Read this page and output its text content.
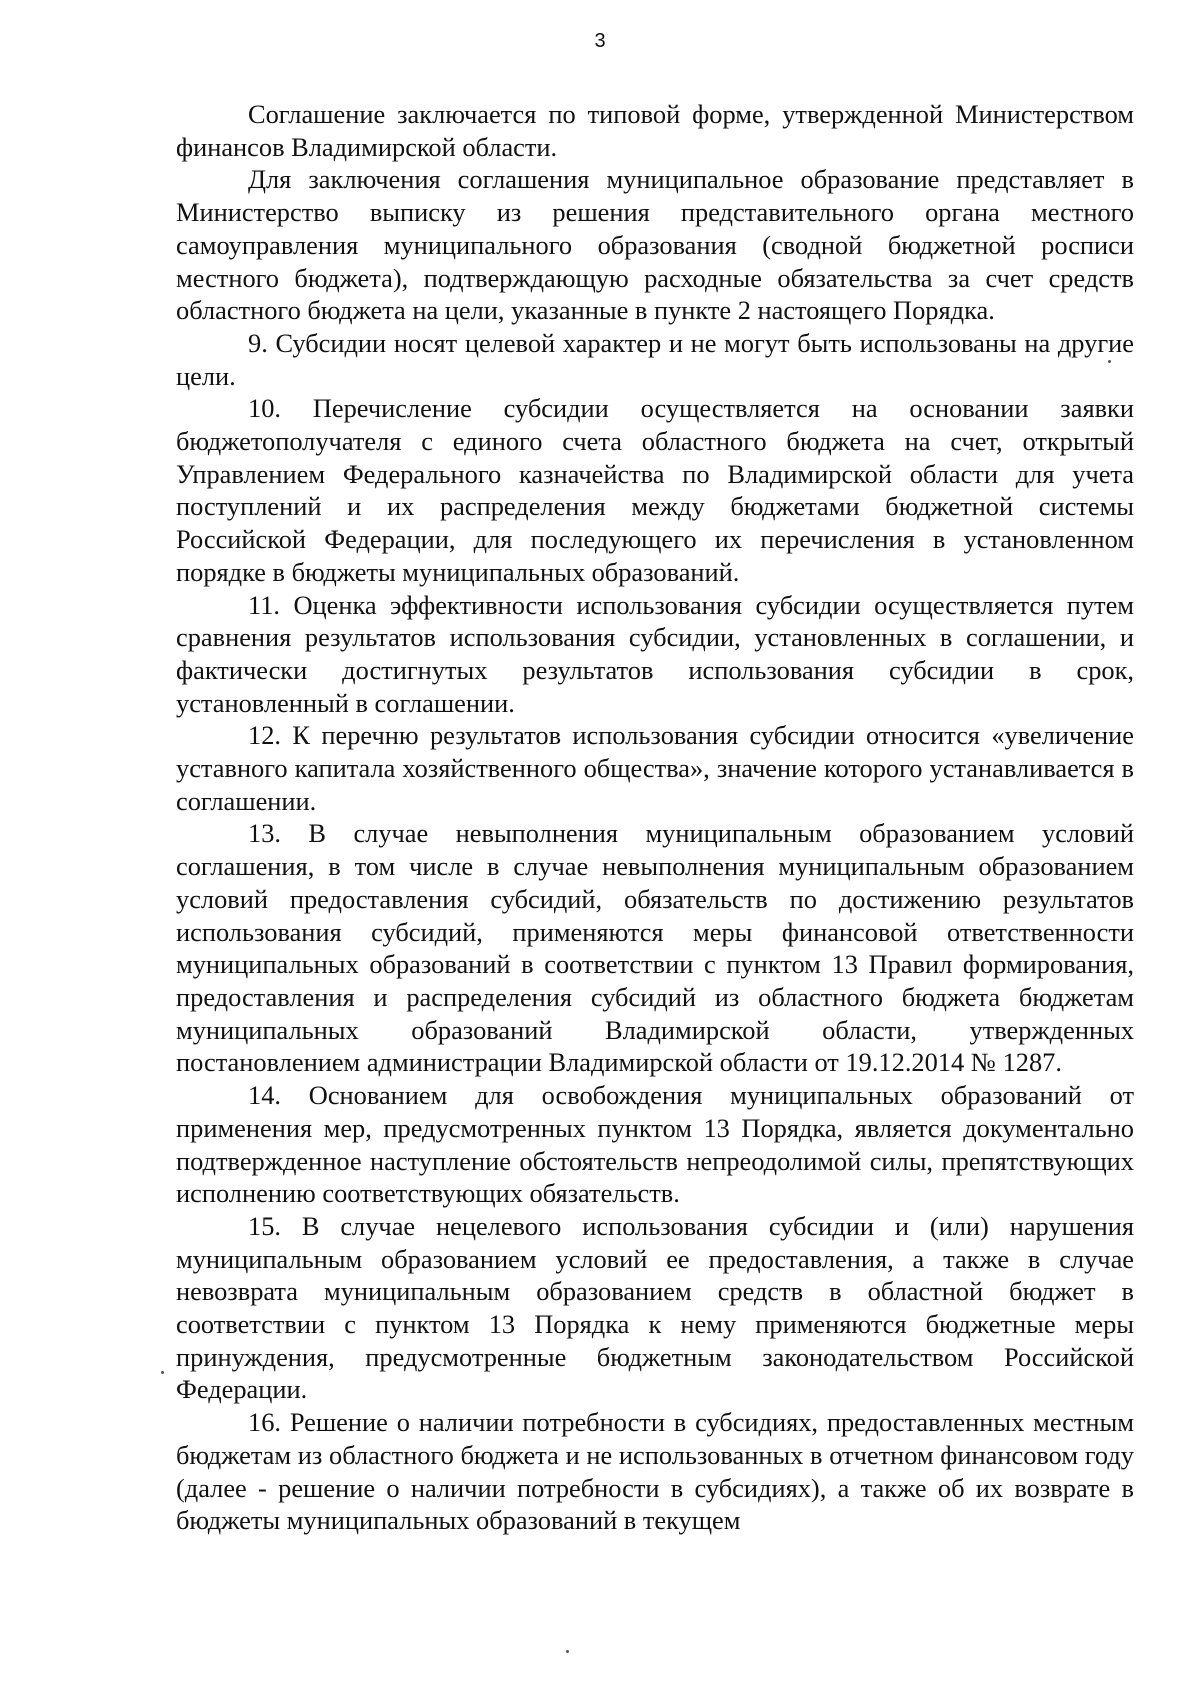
3

Соглашение заключается по типовой форме, утвержденной Министерством финансов Владимирской области.

Для заключения соглашения муниципальное образование представляет в Министерство выписку из решения представительного органа местного самоуправления муниципального образования (сводной бюджетной росписи местного бюджета), подтверждающую расходные обязательства за счет средств областного бюджета на цели, указанные в пункте 2 настоящего Порядка.

9. Субсидии носят целевой характер и не могут быть использованы на другие цели.

10. Перечисление субсидии осуществляется на основании заявки бюджетополучателя с единого счета областного бюджета на счет, открытый Управлением Федерального казначейства по Владимирской области для учета поступлений и их распределения между бюджетами бюджетной системы Российской Федерации, для последующего их перечисления в установленном порядке в бюджеты муниципальных образований.

11. Оценка эффективности использования субсидии осуществляется путем сравнения результатов использования субсидии, установленных в соглашении, и фактически достигнутых результатов использования субсидии в срок, установленный в соглашении.

12. К перечню результатов использования субсидии относится «увеличение уставного капитала хозяйственного общества», значение которого устанавливается в соглашении.

13. В случае невыполнения муниципальным образованием условий соглашения, в том числе в случае невыполнения муниципальным образованием условий предоставления субсидий, обязательств по достижению результатов использования субсидий, применяются меры финансовой ответственности муниципальных образований в соответствии с пунктом 13 Правил формирования, предоставления и распределения субсидий из областного бюджета бюджетам муниципальных образований Владимирской области, утвержденных постановлением администрации Владимирской области от 19.12.2014 № 1287.

14. Основанием для освобождения муниципальных образований от применения мер, предусмотренных пунктом 13 Порядка, является документально подтвержденное наступление обстоятельств непреодолимой силы, препятствующих исполнению соответствующих обязательств.

15. В случае нецелевого использования субсидии и (или) нарушения муниципальным образованием условий ее предоставления, а также в случае невозврата муниципальным образованием средств в областной бюджет в соответствии с пунктом 13 Порядка к нему применяются бюджетные меры принуждения, предусмотренные бюджетным законодательством Российской Федерации.

16. Решение о наличии потребности в субсидиях, предоставленных местным бюджетам из областного бюджета и не использованных в отчетном финансовом году (далее - решение о наличии потребности в субсидиях), а также об их возврате в бюджеты муниципальных образований в текущем
